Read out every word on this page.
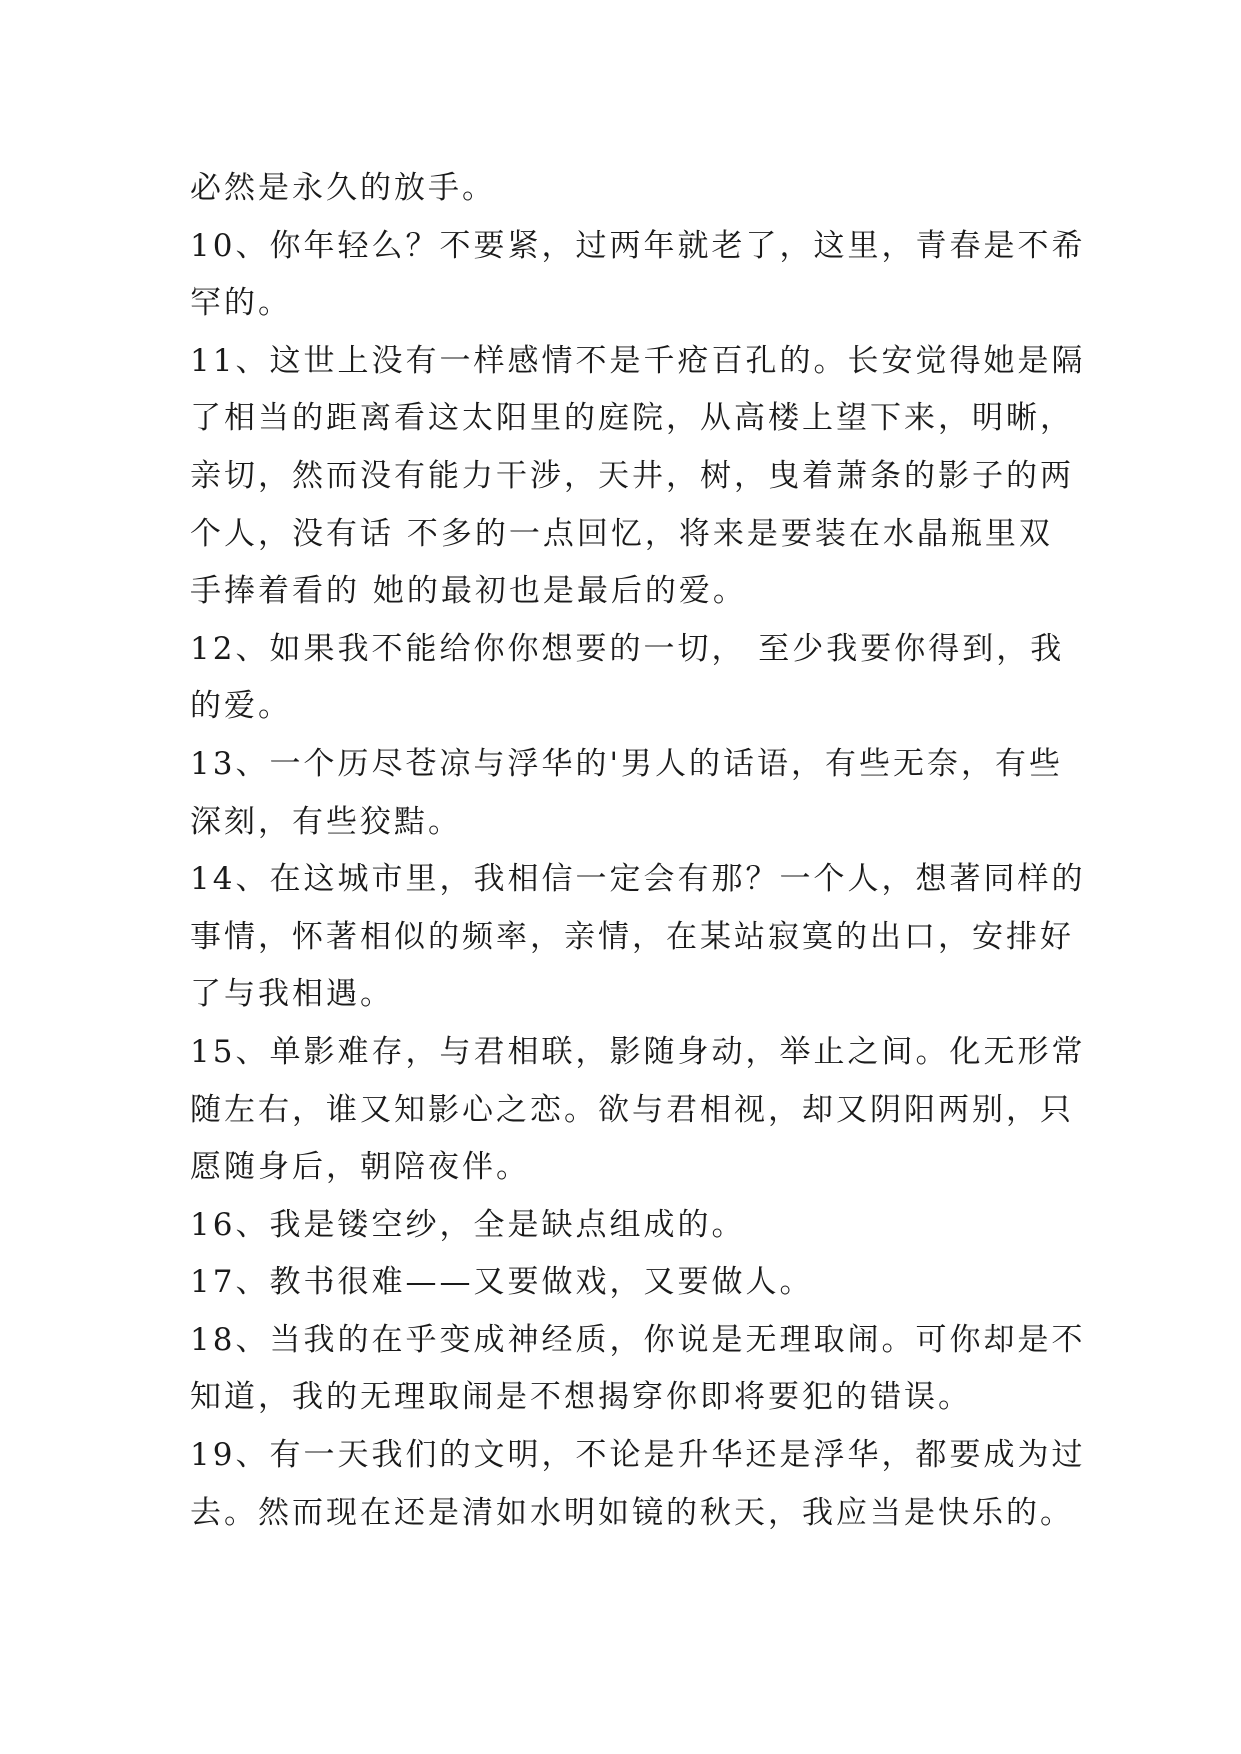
必然是永久的放手。
10、你年轻么？不要紧，过两年就老了，这里，青春是不希
罕的。
11、这世上没有一样感情不是千疮百孔的。长安觉得她是隔
了相当的距离看这太阳里的庭院，从高楼上望下来，明晰，
亲切，然而没有能力干涉，天井，树，曳着萧条的影子的两
个人，没有话 不多的一点回忆，将来是要装在水晶瓶里双
手捧着看的 她的最初也是最后的爱。
12、如果我不能给你你想要的一切， 至少我要你得到，我
的爱。
13、一个历尽苍凉与浮华的'男人的话语，有些无奈，有些
深刻，有些狡黠。
14、在这城市里，我相信一定会有那？一个人，想著同样的
事情，怀著相似的频率，亲情，在某站寂寞的出口，安排好
了与我相遇。
15、单影难存，与君相联，影随身动，举止之间。化无形常
随左右，谁又知影心之恋。欲与君相视，却又阴阳两别，只
愿随身后，朝陪夜伴。
16、我是镂空纱，全是缺点组成的。
17、教书很难——又要做戏，又要做人。
18、当我的在乎变成神经质，你说是无理取闹。可你却是不
知道，我的无理取闹是不想揭穿你即将要犯的错误。
19、有一天我们的文明，不论是升华还是浮华，都要成为过
去。然而现在还是清如水明如镜的秋天，我应当是快乐的。
